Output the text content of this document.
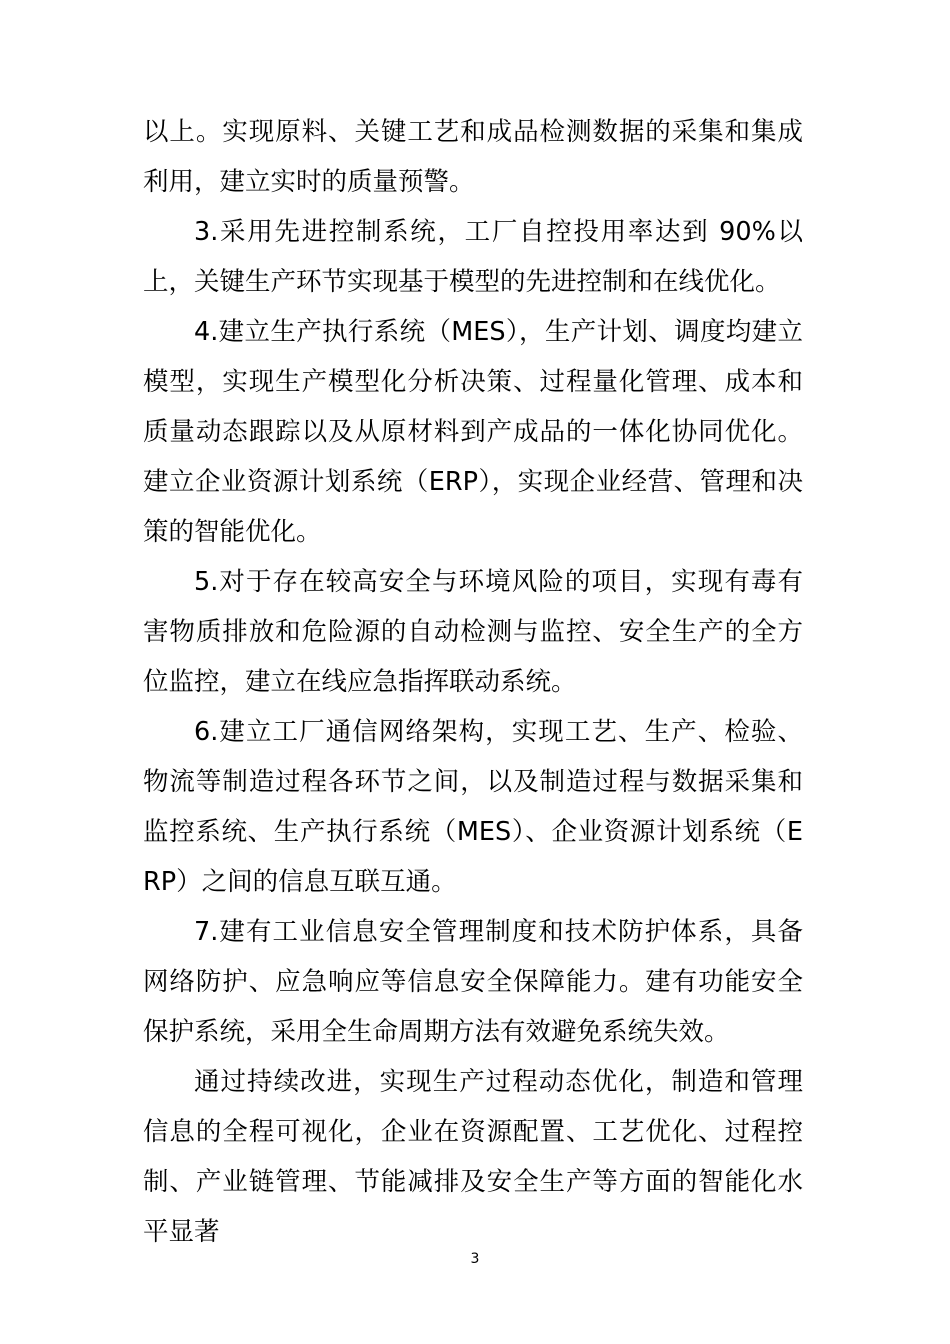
以上。实现原料、关键工艺和成品检测数据的采集和集成利用，建立实时的质量预警。

3.采用先进控制系统，工厂自控投用率达到 90%以上，关键生产环节实现基于模型的先进控制和在线优化。

4.建立生产执行系统（MES），生产计划、调度均建立模型，实现生产模型化分析决策、过程量化管理、成本和质量动态跟踪以及从原材料到产成品的一体化协同优化。建立企业资源计划系统（ERP），实现企业经营、管理和决策的智能优化。

5.对于存在较高安全与环境风险的项目，实现有毒有害物质排放和危险源的自动检测与监控、安全生产的全方位监控，建立在线应急指挥联动系统。

6.建立工厂通信网络架构，实现工艺、生产、检验、物流等制造过程各环节之间，以及制造过程与数据采集和监控系统、生产执行系统（MES）、企业资源计划系统（ERP）之间的信息互联互通。

7.建有工业信息安全管理制度和技术防护体系，具备网络防护、应急响应等信息安全保障能力。建有功能安全保护系统，采用全生命周期方法有效避免系统失效。

通过持续改进，实现生产过程动态优化，制造和管理信息的全程可视化，企业在资源配置、工艺优化、过程控制、产业链管理、节能减排及安全生产等方面的智能化水平显著

3
